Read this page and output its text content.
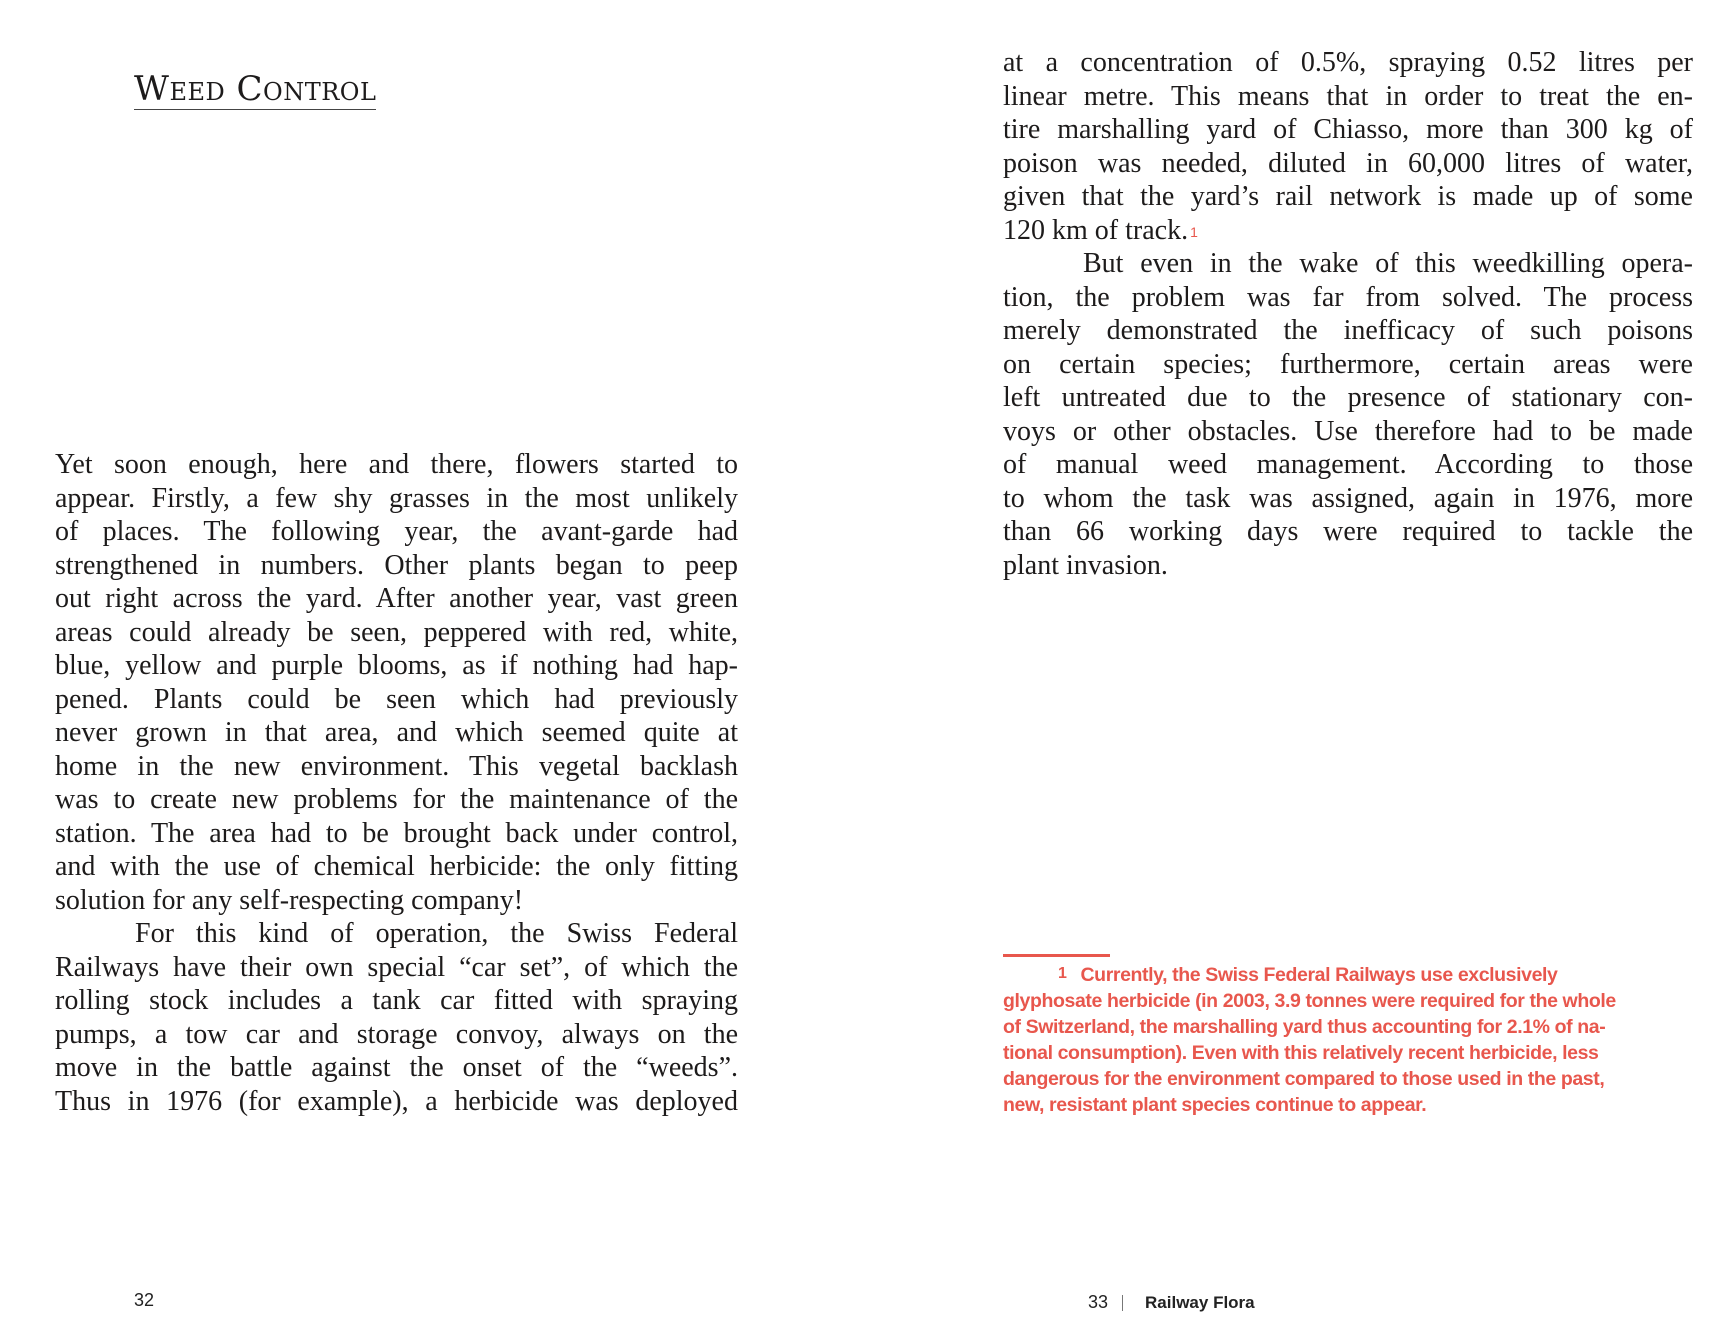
Weed Control
Yet soon enough, here and there, flowers started to
appear. Firstly, a few shy grasses in the most unlikely
of places. The following year, the avant-garde had
strengthened in numbers. Other plants began to peep
out right across the yard. After another year, vast green
areas could already be seen, peppered with red, white,
blue, yellow and purple blooms, as if nothing had hap-
pened. Plants could be seen which had previously
never grown in that area, and which seemed quite at
home in the new environment. This vegetal backlash
was to create new problems for the maintenance of the
station. The area had to be brought back under control,
and with the use of chemical herbicide: the only fitting
solution for any self-respecting company!
For this kind of operation, the Swiss Federal
Railways have their own special “car set”, of which the
rolling stock includes a tank car fitted with spraying
pumps, a tow car and storage convoy, always on the
move in the battle against the onset of the “weeds”.
Thus in 1976 (for example), a herbicide was deployed
32
at a concentration of 0.5%, spraying 0.52 litres per
linear metre. This means that in order to treat the en-
tire marshalling yard of Chiasso, more than 300 kg of
poison was needed, diluted in 60,000 litres of water,
given that the yard’s rail network is made up of some
120 km of track. $^1$
But even in the wake of this weedkilling opera-
tion, the problem was far from solved. The process
merely demonstrated the inefficacy of such poisons
on certain species; furthermore, certain areas were
left untreated due to the presence of stationary con-
voys or other obstacles. Use therefore had to be made
of manual weed management. According to those
to whom the task was assigned, again in 1976, more
than 66 working days were required to tackle the
plant invasion.
1 Currently, the Swiss Federal Railways use exclusively
glyphosate herbicide (in 2003, 3.9 tonnes were required for the whole
of Switzerland, the marshalling yard thus accounting for 2.1% of na-
tional consumption). Even with this relatively recent herbicide, less
dangerous for the environment compared to those used in the past,
new, resistant plant species continue to appear.
33 Railway Flora
